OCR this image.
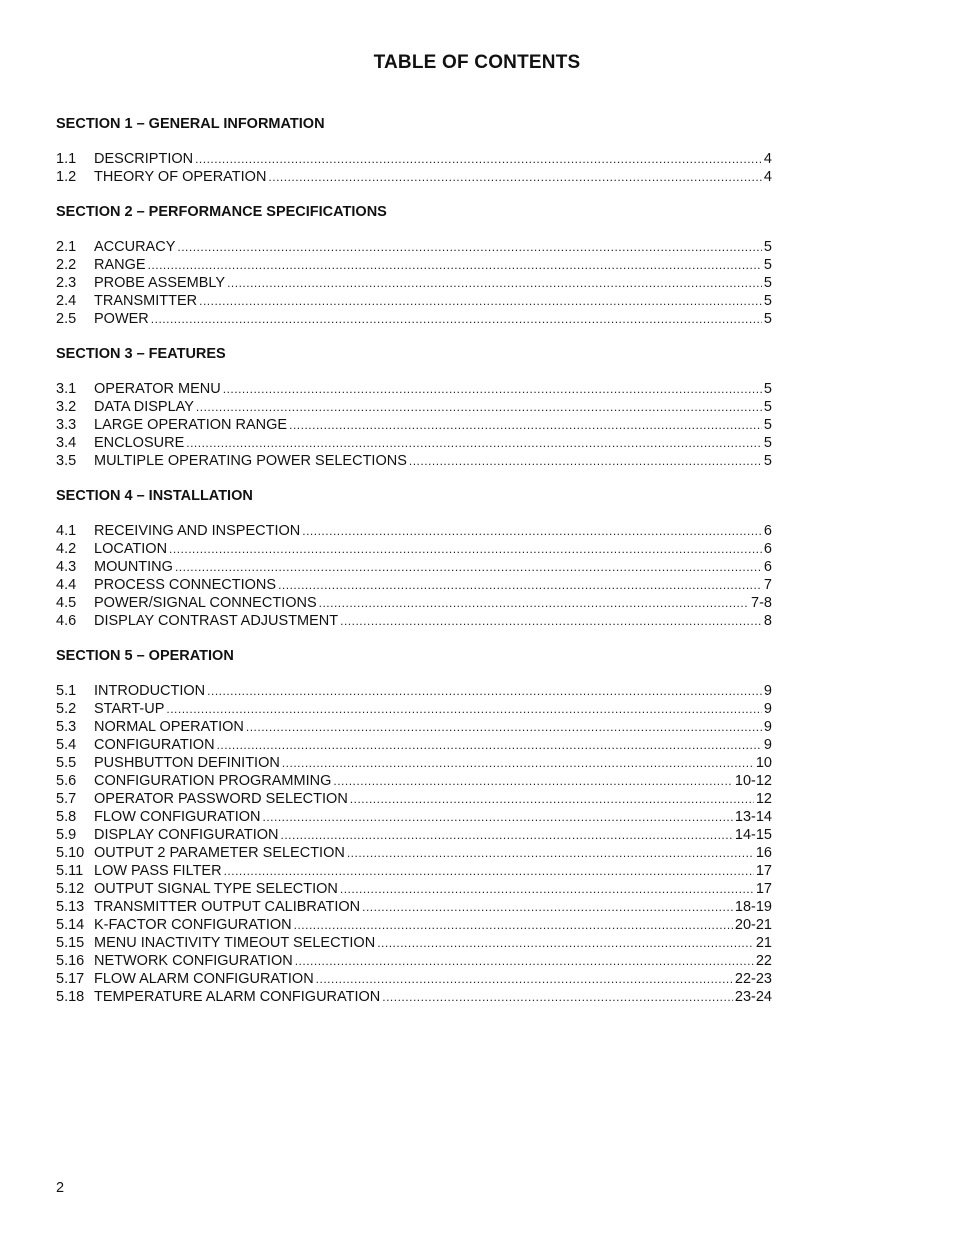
TABLE OF CONTENTS
SECTION 1 – GENERAL INFORMATION
1.1	DESCRIPTION .....	4
1.2	THEORY OF OPERATION .....	4
SECTION 2 – PERFORMANCE SPECIFICATIONS
2.1	ACCURACY .....	5
2.2	RANGE .....	5
2.3	PROBE ASSEMBLY .....	5
2.4	TRANSMITTER .....	5
2.5	POWER .....	5
SECTION 3 – FEATURES
3.1	OPERATOR MENU .....	5
3.2	DATA DISPLAY .....	5
3.3	LARGE OPERATION RANGE .....	5
3.4	ENCLOSURE .....	5
3.5	MULTIPLE OPERATING POWER SELECTIONS .....	5
SECTION 4 – INSTALLATION
4.1	RECEIVING AND INSPECTION .....	6
4.2	LOCATION .....	6
4.3	MOUNTING .....	6
4.4	PROCESS CONNECTIONS .....	7
4.5	POWER/SIGNAL CONNECTIONS .....	7-8
4.6	DISPLAY CONTRAST ADJUSTMENT .....	8
SECTION 5 – OPERATION
5.1	INTRODUCTION .....	9
5.2	START-UP .....	9
5.3	NORMAL OPERATION .....	9
5.4	CONFIGURATION .....	9
5.5	PUSHBUTTON DEFINITION .....	10
5.6	CONFIGURATION PROGRAMMING .....	10-12
5.7	OPERATOR PASSWORD SELECTION .....	12
5.8	FLOW CONFIGURATION .....	13-14
5.9	DISPLAY CONFIGURATION .....	14-15
5.10 OUTPUT 2 PARAMETER SELECTION .....	16
5.11 LOW PASS FILTER .....	17
5.12 OUTPUT SIGNAL TYPE SELECTION .....	17
5.13 TRANSMITTER OUTPUT CALIBRATION .....	18-19
5.14 K-FACTOR CONFIGURATION .....	20-21
5.15 MENU INACTIVITY TIMEOUT SELECTION .....	21
5.16 NETWORK CONFIGURATION .....	22
5.17 FLOW ALARM CONFIGURATION .....	22-23
5.18 TEMPERATURE ALARM CONFIGURATION .....	23-24
2
